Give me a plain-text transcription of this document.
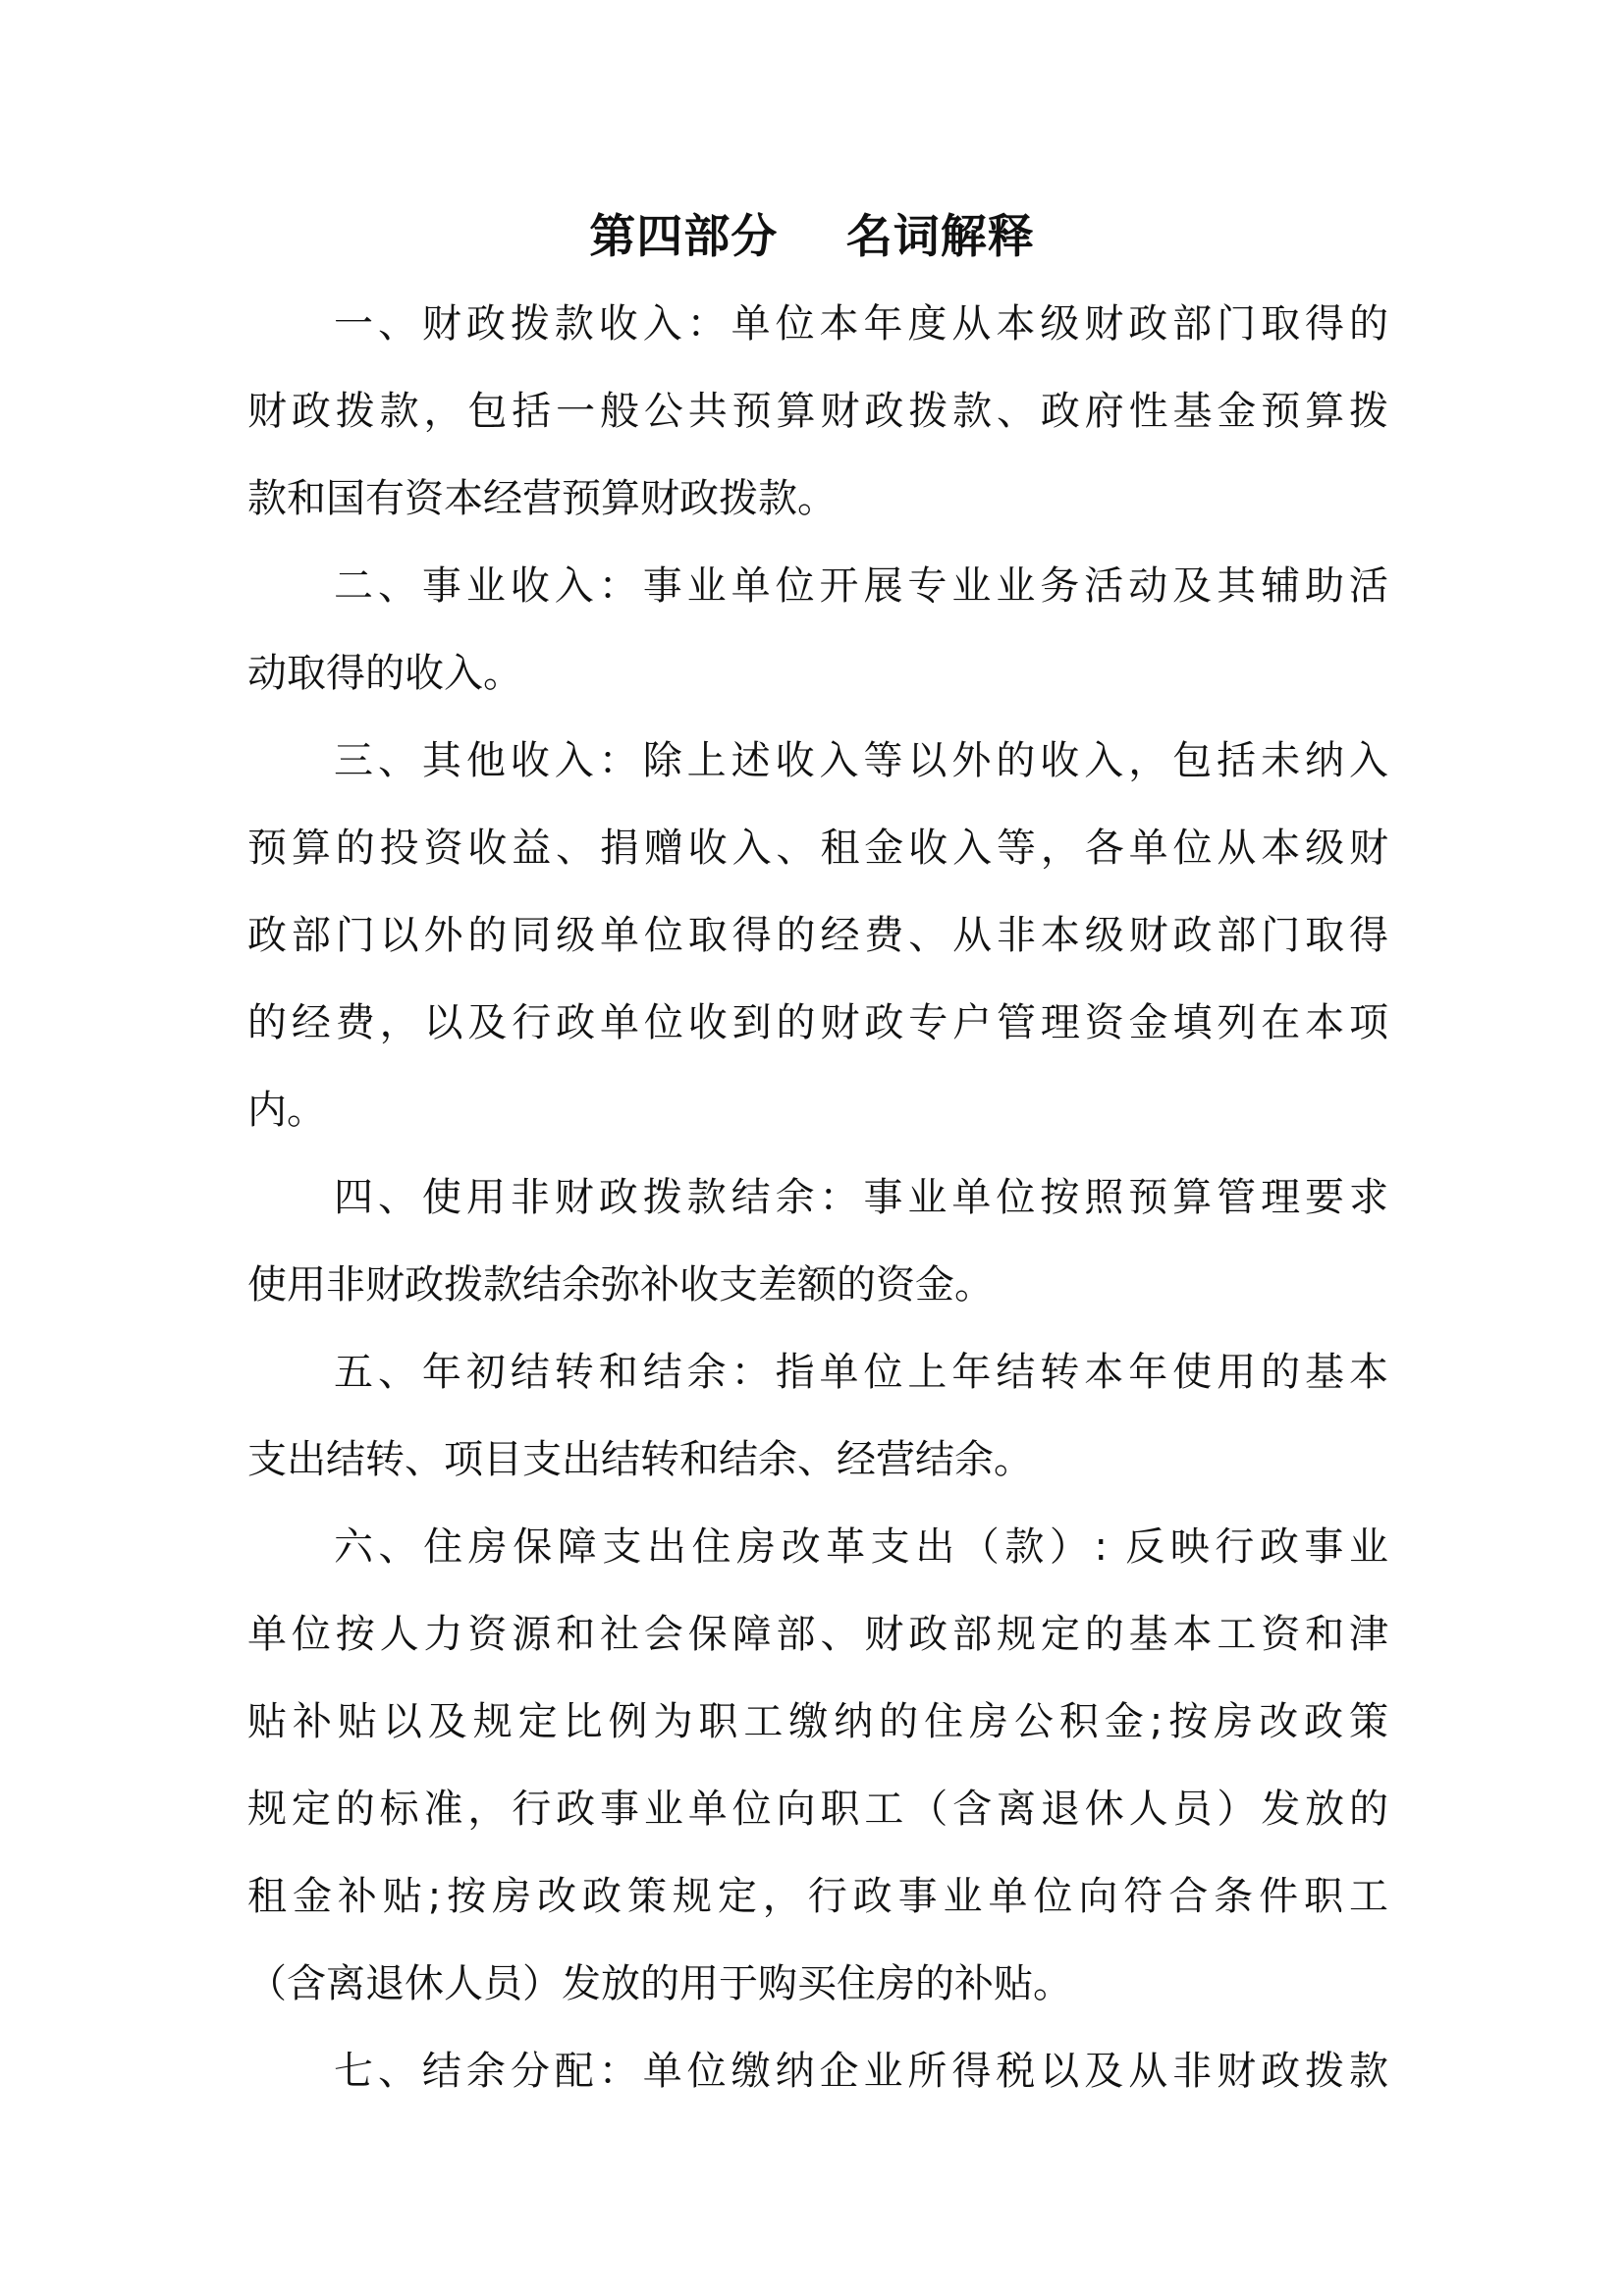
第四部分    名词解释
一、财政拨款收入：单位本年度从本级财政部门取得的
财政拨款，包括一般公共预算财政拨款、政府性基金预算拨
款和国有资本经营预算财政拨款。
二、事业收入：事业单位开展专业业务活动及其辅助活
动取得的收入。
三、其他收入：除上述收入等以外的收入，包括未纳入
预算的投资收益、捐赠收入、租金收入等，各单位从本级财
政部门以外的同级单位取得的经费、从非本级财政部门取得
的经费，以及行政单位收到的财政专户管理资金填列在本项
内。
四、使用非财政拨款结余：事业单位按照预算管理要求
使用非财政拨款结余弥补收支差额的资金。
五、年初结转和结余：指单位上年结转本年使用的基本
支出结转、项目支出结转和结余、经营结余。
六、住房保障支出住房改革支出（款）: 反映行政事业
单位按人力资源和社会保障部、财政部规定的基本工资和津
贴补贴以及规定比例为职工缴纳的住房公积金;按房改政策
规定的标准，行政事业单位向职工（含离退休人员）发放的
租金补贴;按房改政策规定，行政事业单位向符合条件职工
（含离退休人员）发放的用于购买住房的补贴。
七、结余分配：单位缴纳企业所得税以及从非财政拨款
